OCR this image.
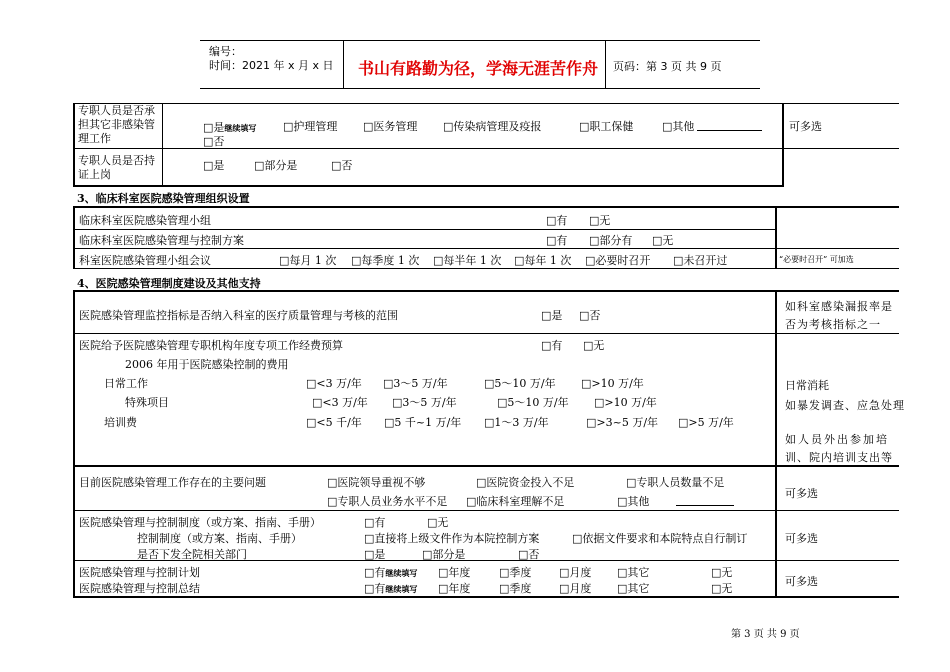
编号：
时间：2021 年 x 月 x 日 书山有路勤为径，学海无涯苦作舟 页码：第 3 页 共 9 页
专职人员是否承担其它非感染管理工作
□是继续填写 □护理管理 □医务管理 □传染病管理及疫报	□职工保健	□其他
□否
可多选
专职人员是否持证上岗
□是	□部分是	□否
3、临床科室医院感染管理组织设置
临床科室医院感染管理小组	□有 □无
临床科室医院感染管理与控制方案	□有 □部分有 □无
科室医院感染管理小组会议	□每月 1 次 □每季度 1 次 □每半年 1 次 □每年 1 次 □必要时召开 □未召开过	“必要时召开” 可加选
4、医院感染管理制度建设及其他支持
医院感染管理监控指标是否纳入科室的医疗质量管理与考核的范围	□是 □否
如科室感染漏报率是
否为考核指标之一
医院给予医院感染管理专职机构年度专项工作经费预算	□有 □无
2006 年用于医院感染控制的费用
日常工作	□<3 万/年 □3～5 万/年	□5～10 万/年 □>10 万/年	日常消耗
特殊项目	□<3 万/年 □3～5 万/年	□5～10 万/年 □>10 万/年	如暴发调查、应急处理
培训费	□<5 千/年 □5 千~1 万/年 □1～3 万/年	□>3~5 万/年 □>5 万/年
如人员外出参加培
训、院内培训支出等
目前医院感染管理工作存在的主要问题	□医院领导重视不够	□医院资金投入不足	□专职人员数量不足
□专职人员业务水平不足 □临床科室理解不足	□其他
可多选
医院感染管理与控制制度（或方案、指南、手册）	□有	□无
控制制度（或方案、指南、手册）	□直接将上级文件作为本院控制方案	□依据文件要求和本院特点自行制订
是否下发全院相关部门	□是	□部分是	□否
可多选
医院感染管理与控制计划	□有继续填写 □年度	□季度	□月度 □其它	□无
医院感染管理与控制总结	□有继续填写 □年度	□季度	□月度 □其它	□无
可多选
第 3 页 共 9 页
